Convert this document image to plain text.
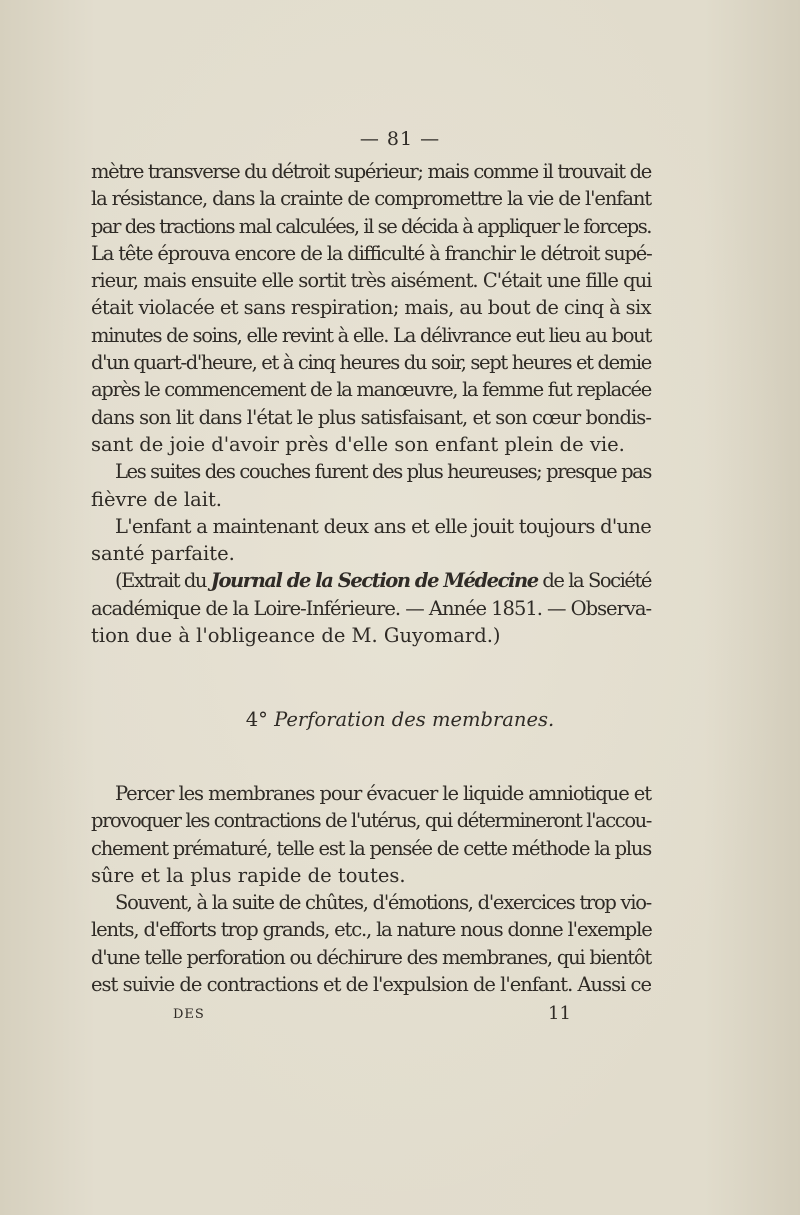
— 81 —
mètre transverse du détroit supérieur; mais comme il trouvait de
la résistance, dans la crainte de compromettre la vie de l'enfant
par des tractions mal calculées, il se décida à appliquer le forceps.
La tête éprouva encore de la difficulté à franchir le détroit supé-
rieur, mais ensuite elle sortit très aisément. C'était une fille qui
était violacée et sans respiration; mais, au bout de cinq à six
minutes de soins, elle revint à elle. La délivrance eut lieu au bout
d'un quart-d'heure, et à cinq heures du soir, sept heures et demie
après le commencement de la manœuvre, la femme fut replacée
dans son lit dans l'état le plus satisfaisant, et son cœur bondis-
sant de joie d'avoir près d'elle son enfant plein de vie.
Les suites des couches furent des plus heureuses; presque pas
fièvre de lait.
L'enfant a maintenant deux ans et elle jouit toujours d'une
santé parfaite.
(Extrait du Journal de la Section de Médecine de la Société
académique de la Loire-Inférieure. — Année 1851. — Observa-
tion due à l'obligeance de M. Guyomard.)
4° Perforation des membranes.
Percer les membranes pour évacuer le liquide amniotique et
provoquer les contractions de l'utérus, qui détermineront l'accou-
chement prématuré, telle est la pensée de cette méthode la plus
sûre et la plus rapide de toutes.
Souvent, à la suite de chûtes, d'émotions, d'exercices trop vio-
lents, d'efforts trop grands, etc., la nature nous donne l'exemple
d'une telle perforation ou déchirure des membranes, qui bientôt
est suivie de contractions et de l'expulsion de l'enfant. Aussi ce
DES	11
